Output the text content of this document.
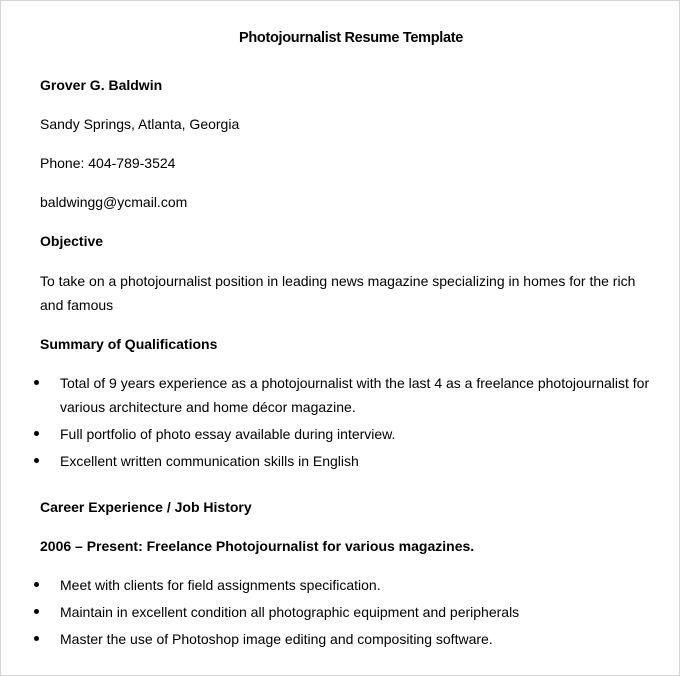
Photojournalist Resume Template
Grover G. Baldwin
Sandy Springs, Atlanta, Georgia
Phone: 404-789-3524
baldwingg@ycmail.com
Objective
To take on a photojournalist position in leading news magazine specializing in homes for the rich and famous
Summary of Qualifications
Total of 9 years experience as a photojournalist with the last 4 as a freelance photojournalist for various architecture and home décor magazine.
Full portfolio of photo essay available during interview.
Excellent written communication skills in English
Career Experience / Job History
2006 – Present: Freelance Photojournalist for various magazines.
Meet with clients for field assignments specification.
Maintain in excellent condition all photographic equipment and peripherals
Master the use of Photoshop image editing and compositing software.
